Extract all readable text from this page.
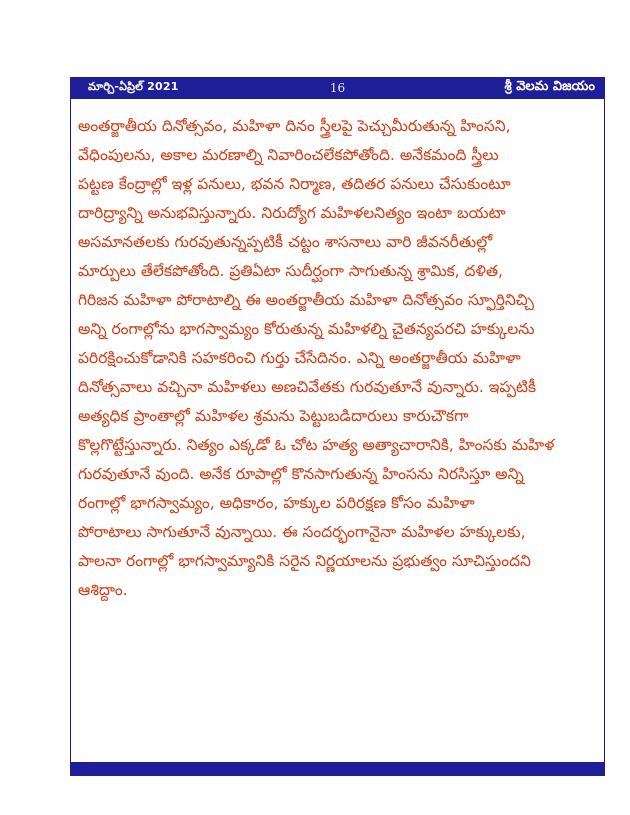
మార్చి-ఏప్రిల్ 2021	16	శ్రీ వెలమ విజయం

అంతర్జాతీయ దినోత్సవం, మహిళా దినం స్త్రీలపై పెచ్చుమీరుతున్న హింసని,
వేధింపులను, అకాల మరణాల్ని నివారించలేకపోతోంది. అనేకమంది స్త్రీలు
పట్టణ కేంద్రాల్లో ఇళ్ల పనులు, భవన నిర్మాణ, తదితర పనులు చేసుకుంటూ
దారిద్ర్యాన్ని అనుభవిస్తున్నారు. నిరుద్యోగ మహిళలనిత్యం ఇంటా బయటా
అసమానతలకు గురవుతున్నప్పటికీ చట్టం శాసనాలు వారి జీవనరీతుల్లో
మార్పులు తేలేకపోతోంది. ప్రతిఏటా సుదీర్ఘంగా సాగుతున్న శ్రామిక, దళిత,
గిరిజన మహిళా పోరాటాల్ని ఈ అంతర్జాతీయ మహిళా దినోత్సవం స్ఫూర్తినిచ్చి
అన్ని రంగాల్లోను భాగస్వామ్యం కోరుతున్న మహిళల్ని చైతన్యపరచి హక్కులను
పరిరక్షించుకోడానికి సహకరించి గుర్తు చేసేదినం. ఎన్ని అంతర్జాతీయ మహిళా
దినోత్సవాలు వచ్చినా మహిళలు అణచివేతకు గురవుతూనే వున్నారు. ఇప్పటికీ
అత్యధిక ప్రాంతాల్లో మహిళల శ్రమను పెట్టుబడిదారులు కారుచౌకగా
కొల్లగొట్టేస్తున్నారు. నిత్యం ఎక్కడో ఓ చోట హత్య అత్యాచారానికి, హింసకు మహిళ
గురవుతూనే వుంది. అనేక రూపాల్లో కొనసాగుతున్న హింసను నిరసిస్తూ అన్ని
రంగాల్లో భాగస్వామ్యం, అధికారం, హక్కుల పరిరక్షణ కోసం మహిళా
పోరాటాలు సాగుతూనే వున్నాయి. ఈ సందర్భంగానైనా మహిళల హక్కులకు,
పాలనా రంగాల్లో భాగస్వామ్యానికి సరైన నిర్ణయాలను ప్రభుత్వం సూచిస్తుందని
ఆశిద్దాం.
